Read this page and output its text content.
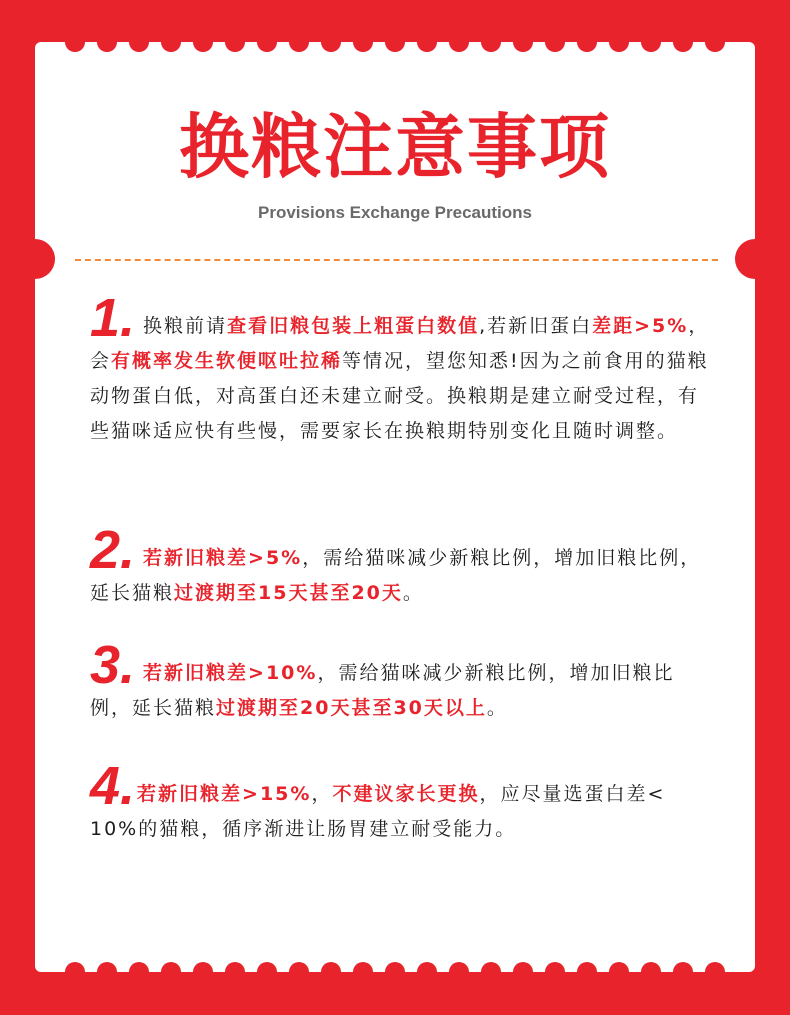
换粮注意事项
Provisions Exchange Precautions
1. 换粮前请查看旧粮包装上粗蛋白数值,若新旧蛋白差距>5%，会有概率发生软便呕吐拉稀等情况，望您知悉!因为之前食用的猫粮动物蛋白低，对高蛋白还未建立耐受。换粮期是建立耐受过程，有些猫咪适应快有些慢，需要家长在换粮期特别变化且随时调整。
2. 若新旧粮差>5%，需给猫咪减少新粮比例，增加旧粮比例，延长猫粮过渡期至15天甚至20天。
3. 若新旧粮差>10%，需给猫咪减少新粮比例，增加旧粮比例，延长猫粮过渡期至20天甚至30天以上。
4. 若新旧粮差>15%，不建议家长更换，应尽量选蛋白差< 10%的猫粮，循序渐进让肠胃建立耐受能力。
